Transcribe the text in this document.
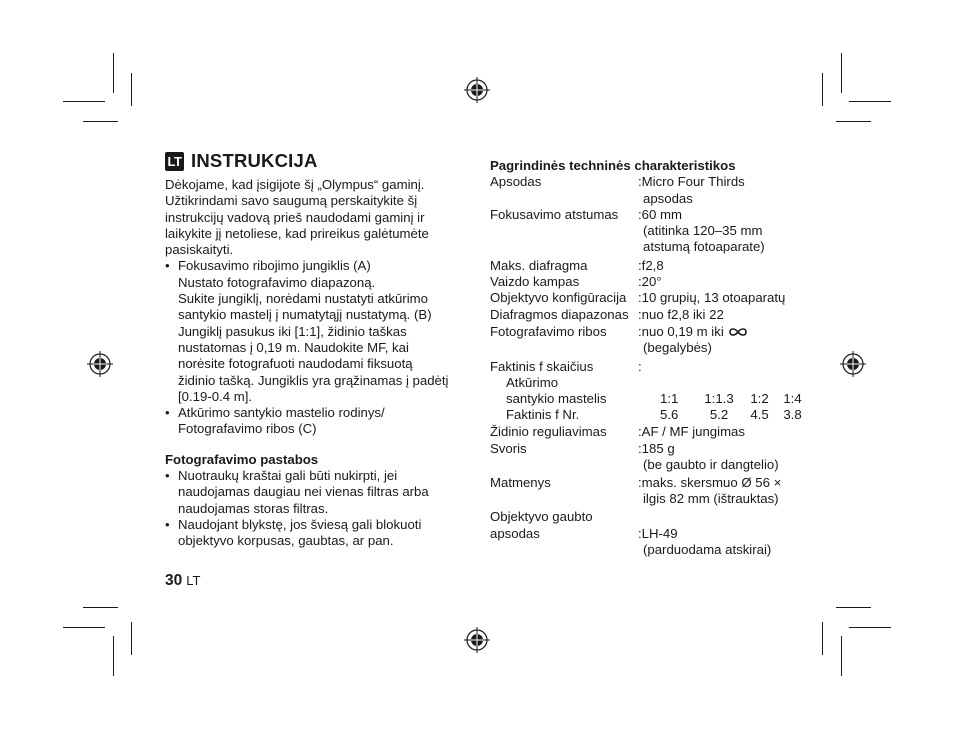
LT INSTRUKCIJA
Dėkojame, kad įsigijote šį „Olympus“ gaminį.
Užtikrindami savo saugumą perskaitykite šį
instrukcijų vadovą prieš naudodami gaminį ir
laikykite jį netoliese, kad prireikus galėtumėte
pasiskaityti.
• Fokusavimo ribojimo jungiklis (A)
Nustato fotografavimo diapazoną.
Sukite jungiklį, norėdami nustatyti atkūrimo
santykio mastelį į numatytąjį nustatymą. (B)
Jungiklį pasukus iki [1:1], židinio taškas
nustatomas į 0,19 m. Naudokite MF, kai
norėsite fotografuoti naudodami fiksuotą
židinio tašką. Jungiklis yra grąžinamas į padėtį
[0.19-0.4 m].
• Atkūrimo santykio mastelio rodinys/
Fotografavimo ribos (C)

Fotografavimo pastabos

• Nuotraukų kraštai gali būti nukirpti, jei
naudojamas daugiau nei vienas filtras arba
naudojamas storas filtras.
• Naudojant blykstę, jos šviesą gali blokuoti
objektyvo korpusas, gaubtas, ar pan.
30 LT
Pagrindinės techninės charakteristikos
Apsodas	:Micro Four Thirds
apsodas
Fokusavimo atstumas	:60 mm
(atitinka 120–35 mm
atstumą fotoaparate)
Maks. diafragma	:f2,8
Vaizdo kampas	:20°
Objektyvo konfigūracija :10 grupių, 13 otoaparatų
Diafragmos diapazonas :nuo f2,8 iki 22
Fotografavimo ribos	:nuo 0,19 m iki
(begalybės)
Faktinis f skaičius	:
Atkūrimo
santykio mastelis	1:1 1:1.3 1:2 1:4
Faktinis f Nr.	5.6 5.2 4.5 3.8
Židinio reguliavimas	:AF / MF jungimas
Svoris	:185 g
(be gaubto ir dangtelio)
Matmenys	:maks. skersmuo Ø 56 ×
ilgis 82 mm (ištrauktas)
Objektyvo gaubto
apsodas	:LH-49
(parduodama atskirai)
